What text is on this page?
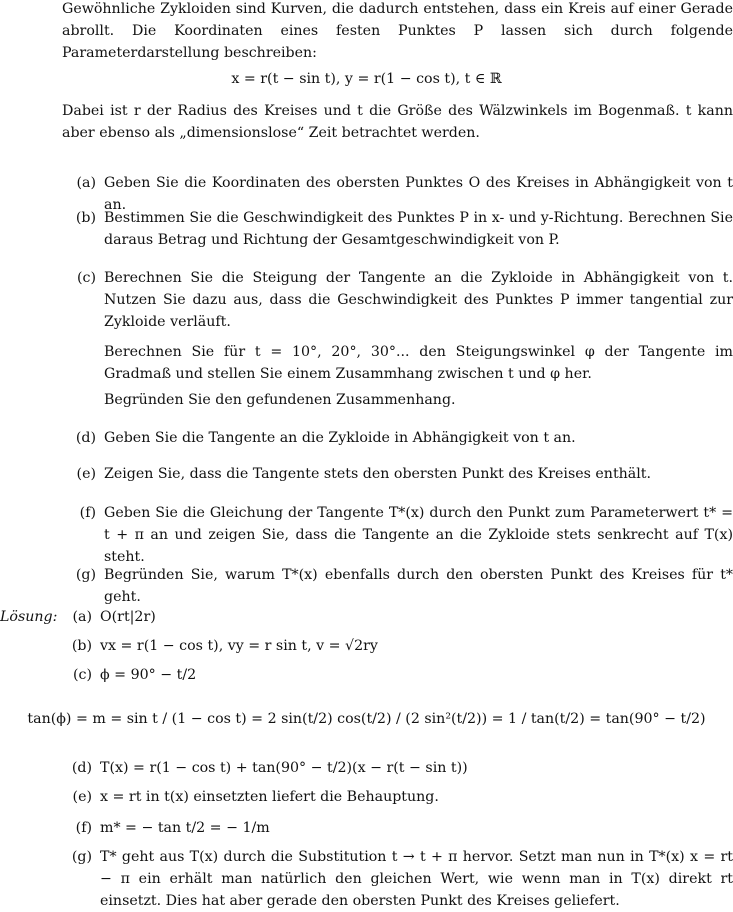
Gewöhnliche Zykloiden sind Kurven, die dadurch entstehen, dass ein Kreis auf einer Gerade abrollt. Die Koordinaten eines festen Punktes P lassen sich durch folgende Parameterdarstellung beschreiben:
x = r(t − sin t), y = r(1 − cos t), t ∈ ℝ
Dabei ist r der Radius des Kreises und t die Größe des Wälzwinkels im Bogenmaß. t kann aber ebenso als „dimensionslose“ Zeit betrachtet werden.
(a) Geben Sie die Koordinaten des obersten Punktes O des Kreises in Abhängigkeit von t an.
(b) Bestimmen Sie die Geschwindigkeit des Punktes P in x- und y-Richtung. Berechnen Sie daraus Betrag und Richtung der Gesamtgeschwindigkeit von P.
(c) Berechnen Sie die Steigung der Tangente an die Zykloide in Abhängigkeit von t. Nutzen Sie dazu aus, dass die Geschwindigkeit des Punktes P immer tangential zur Zykloide verläuft.
Berechnen Sie für t = 10°, 20°, 30°... den Steigungswinkel φ der Tangente im Gradmaß und stellen Sie einem Zusammhang zwischen t und φ her.
Begründen Sie den gefundenen Zusammenhang.
(d) Geben Sie die Tangente an die Zykloide in Abhängigkeit von t an.
(e) Zeigen Sie, dass die Tangente stets den obersten Punkt des Kreises enthält.
(f) Geben Sie die Gleichung der Tangente T*(x) durch den Punkt zum Parameterwert t* = t + π an und zeigen Sie, dass die Tangente an die Zykloide stets senkrecht auf T(x) steht.
(g) Begründen Sie, warum T*(x) ebenfalls durch den obersten Punkt des Kreises für t* geht.
Lösung:	(a) O(rt|2r)
(b) vx = r(1 − cos t), vy = r sin t, v = √2ry
(c) ϕ = 90° − t/2
tan(ϕ) = m = sin t / (1 − cos t) = 2 sin(t/2) cos(t/2) / (2 sin²(t/2)) = 1 / tan(t/2) = tan(90° − t/2)
(d) T(x) = r(1 − cos t) + tan(90° − t/2)(x − r(t − sin t))
(e) x = rt in t(x) einsetzten liefert die Behauptung.
(f) m* = − tan t/2 = − 1/m
(g) T* geht aus T(x) durch die Substitution t → t + π hervor. Setzt man nun in T*(x) x = rt − π ein erhält man natürlich den gleichen Wert, wie wenn man in T(x) direkt rt einsetzt. Dies hat aber gerade den obersten Punkt des Kreises geliefert.
